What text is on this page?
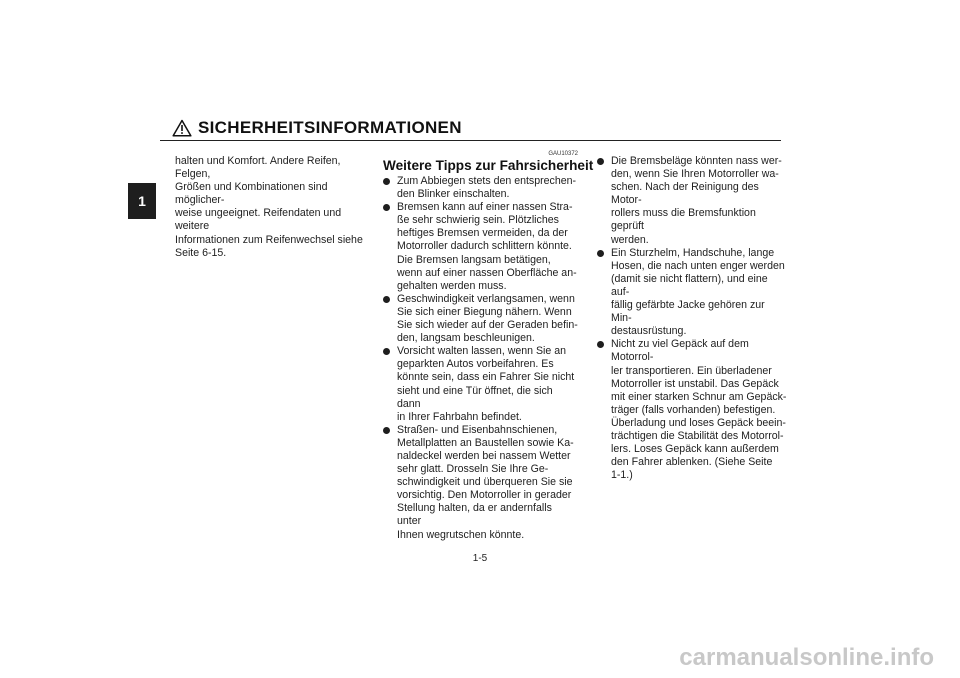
SICHERHEITSINFORMATIONEN
1

halten und Komfort. Andere Reifen, Felgen,
Größen und Kombinationen sind möglicher-
weise ungeeignet. Reifendaten und weitere
Informationen zum Reifenwechsel siehe
Seite 6-15.

GAU10372
Weitere Tipps zur Fahrsicherheit

Zum Abbiegen stets den entsprechen-
den Blinker einschalten.

Bremsen kann auf einer nassen Stra-
ße sehr schwierig sein. Plötzliches
heftiges Bremsen vermeiden, da der
Motorroller dadurch schlittern könnte.
Die Bremsen langsam betätigen,
wenn auf einer nassen Oberfläche an-
gehalten werden muss.

Geschwindigkeit verlangsamen, wenn
Sie sich einer Biegung nähern. Wenn
Sie sich wieder auf der Geraden befin-
den, langsam beschleunigen.

Vorsicht walten lassen, wenn Sie an
geparkten Autos vorbeifahren. Es
könnte sein, dass ein Fahrer Sie nicht
sieht und eine Tür öffnet, die sich dann
in Ihrer Fahrbahn befindet.

Straßen- und Eisenbahnschienen,
Metallplatten an Baustellen sowie Ka-
naldeckel werden bei nassem Wetter
sehr glatt. Drosseln Sie Ihre Ge-
schwindigkeit und überqueren Sie sie
vorsichtig. Den Motorroller in gerader
Stellung halten, da er andernfalls unter
Ihnen wegrutschen könnte.

Die Bremsbeläge könnten nass wer-
den, wenn Sie Ihren Motorroller wa-
schen. Nach der Reinigung des Motor-
rollers muss die Bremsfunktion geprüft
werden.

Ein Sturzhelm, Handschuhe, lange
Hosen, die nach unten enger werden
(damit sie nicht flattern), und eine auf-
fällig gefärbte Jacke gehören zur Min-
destausrüstung.

Nicht zu viel Gepäck auf dem Motorrol-
ler transportieren. Ein überladener
Motorroller ist unstabil. Das Gepäck
mit einer starken Schnur am Gepäck-
träger (falls vorhanden) befestigen.
Überladung und loses Gepäck beein-
trächtigen die Stabilität des Motorrol-
lers. Loses Gepäck kann außerdem
den Fahrer ablenken. (Siehe Seite
1-1.)

1-5
carmanualsonline.info
